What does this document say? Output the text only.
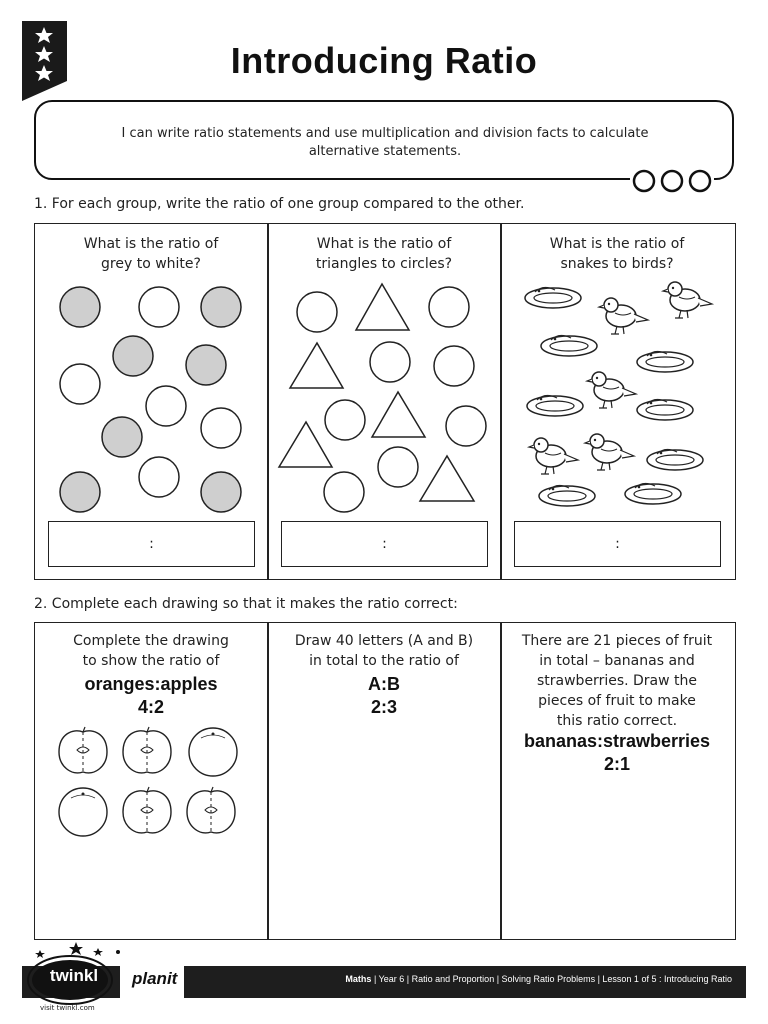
Introducing Ratio
I can write ratio statements and use multiplication and division facts to calculate alternative statements.
1. For each group, write the ratio of one group compared to the other.
What is the ratio of
grey to white?
:
What is the ratio of
triangles to circles?
:
What is the ratio of
snakes to birds?
:
2. Complete each drawing so that it makes the ratio correct:
Complete the drawing
to show the ratio of
oranges:apples
4:2
Draw 40 letters (A and B)
in total to the ratio of
A:B
2:3
There are 21 pieces of fruit
in total – bananas and
strawberries. Draw the
pieces of fruit to make
this ratio correct.
bananas:strawberries
2:1
Maths | Year 6 | Ratio and Proportion | Solving Ratio Problems | Lesson 1 of 5 : Introducing Ratio
twinkl	planit
visit twinkl.com
